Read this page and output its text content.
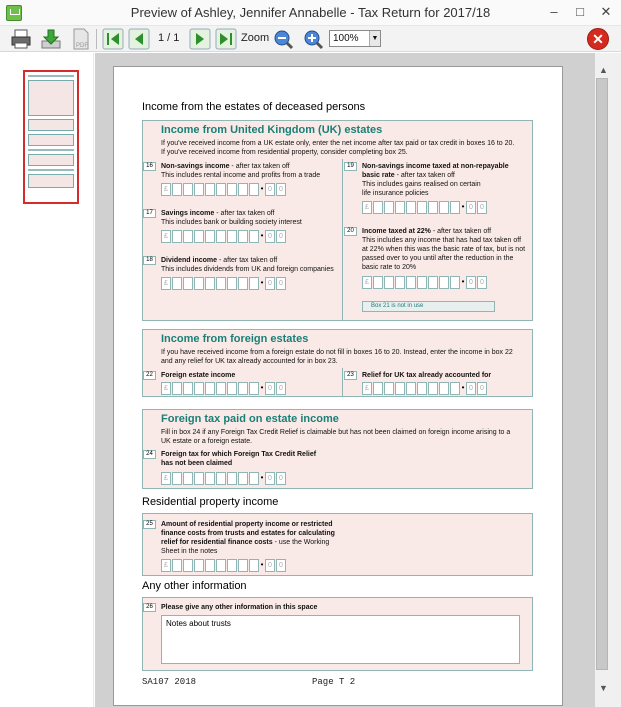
Preview of Ashley, Jennifer Annabelle - Tax Return for 2017/18	–	□	✕
PDF
1 / 1	Zoom	100%	▼	✕
Income from the estates of deceased persons
Income from United Kingdom (UK) estates
If you've received income from a UK estate only, enter the net income after tax paid or tax credit in boxes 16 to 20.
If you've received income from residential property, consider completing box 25.
16	Non-savings income - after tax taken off
This includes rental income and profits from a trade
£	• 0	0
17	Savings income - after tax taken off
This includes bank or building society interest
£	• 0	0
18	Dividend income - after tax taken off
This includes dividends from UK and foreign companies
£	• 0	0
19	Non-savings income taxed at non-repayable
basic rate - after tax taken off
This includes gains realised on certain
life insurance policies
£	• 0	0
20	Income taxed at 22% - after tax taken off
This includes any income that has had tax taken off
at 22% when this was the basic rate of tax, but is not
passed over to you until after the reduction in the
basic rate to 20%
£	• 0	0
Box 21 is not in use
Income from foreign estates
If you have received income from a foreign estate do not fill in boxes 16 to 20. Instead, enter the income in box 22
and any relief for UK tax already accounted for in box 23.
22	Foreign estate income
£	• 0	0
23	Relief for UK tax already accounted for
£	• 0	0
Foreign tax paid on estate income
Fill in box 24 if any Foreign Tax Credit Relief is claimable but has not been claimed on foreign income arising to a
UK estate or a foreign estate.
24	Foreign tax for which Foreign Tax Credit Relief
has not been claimed
£	• 0	0
Residential property income
25	Amount of residential property income or restricted
finance costs from trusts and estates for calculating
relief for residential finance costs - use the Working
Sheet in the notes
£	• 0	0
Any other information
26	Please give any other information in this space
Notes about trusts
SA107 2018	Page T 2
▲
▼
